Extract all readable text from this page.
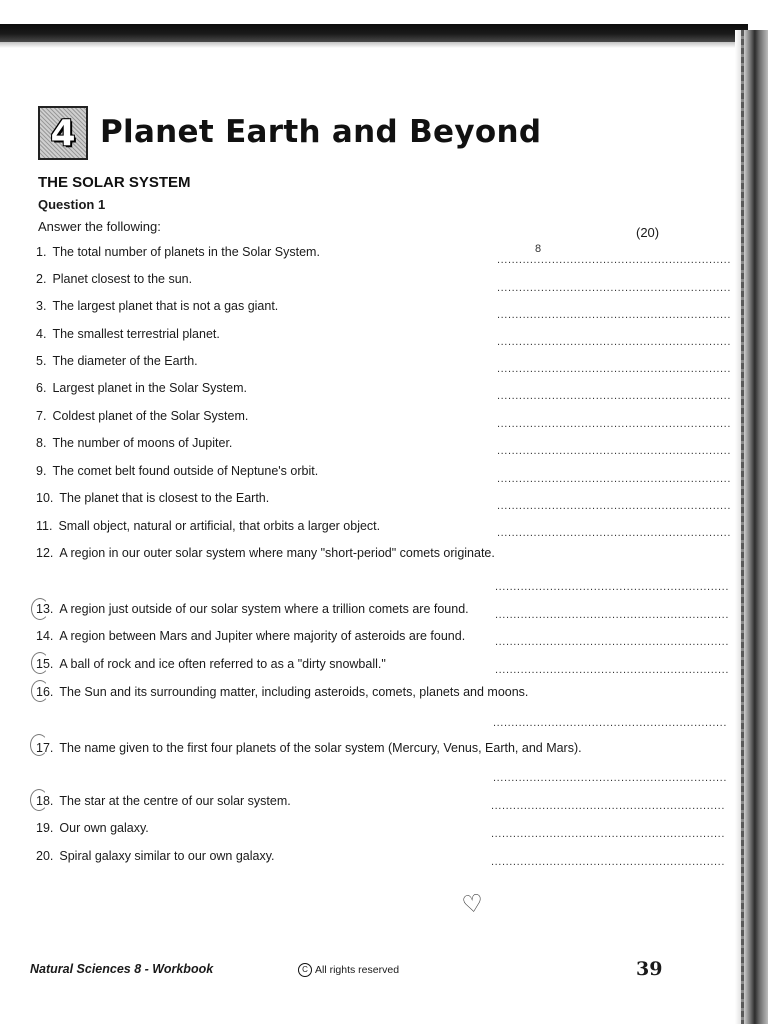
4 Planet Earth and Beyond
THE SOLAR SYSTEM
Question 1
Answer the following:	(20)
1. The total number of planets in the Solar System.	8
................................................................
2. Planet closest to the sun.
................................................................
3. The largest planet that is not a gas giant.
................................................................
4. The smallest terrestrial planet.
................................................................
5. The diameter of the Earth.
................................................................
6. Largest planet in the Solar System.
................................................................
7. Coldest planet of the Solar System.
................................................................
8. The number of moons of Jupiter.
................................................................
9. The comet belt found outside of Neptune's orbit.
................................................................
10. The planet that is closest to the Earth.
................................................................
11. Small object, natural or artificial, that orbits a larger object.	................................................................
12. A region in our outer solar system where many "short-period" comets originate.
................................................................
13. A region just outside of our solar system where a trillion comets are found. ................................................................
14. A region between Mars and Jupiter where majority of asteroids are found.	................................................................
15. A ball of rock and ice often referred to as a "dirty snowball."	................................................................
16. The Sun and its surrounding matter, including asteroids, comets, planets and moons.
................................................................
17. The name given to the first four planets of the solar system (Mercury, Venus, Earth, and Mars).
................................................................
18. The star at the centre of our solar system.	................................................................
19. Our own galaxy.	................................................................
20. Spiral galaxy similar to our own galaxy.	................................................................
♡
Natural Sciences 8 - Workbook	C All rights reserved	39
